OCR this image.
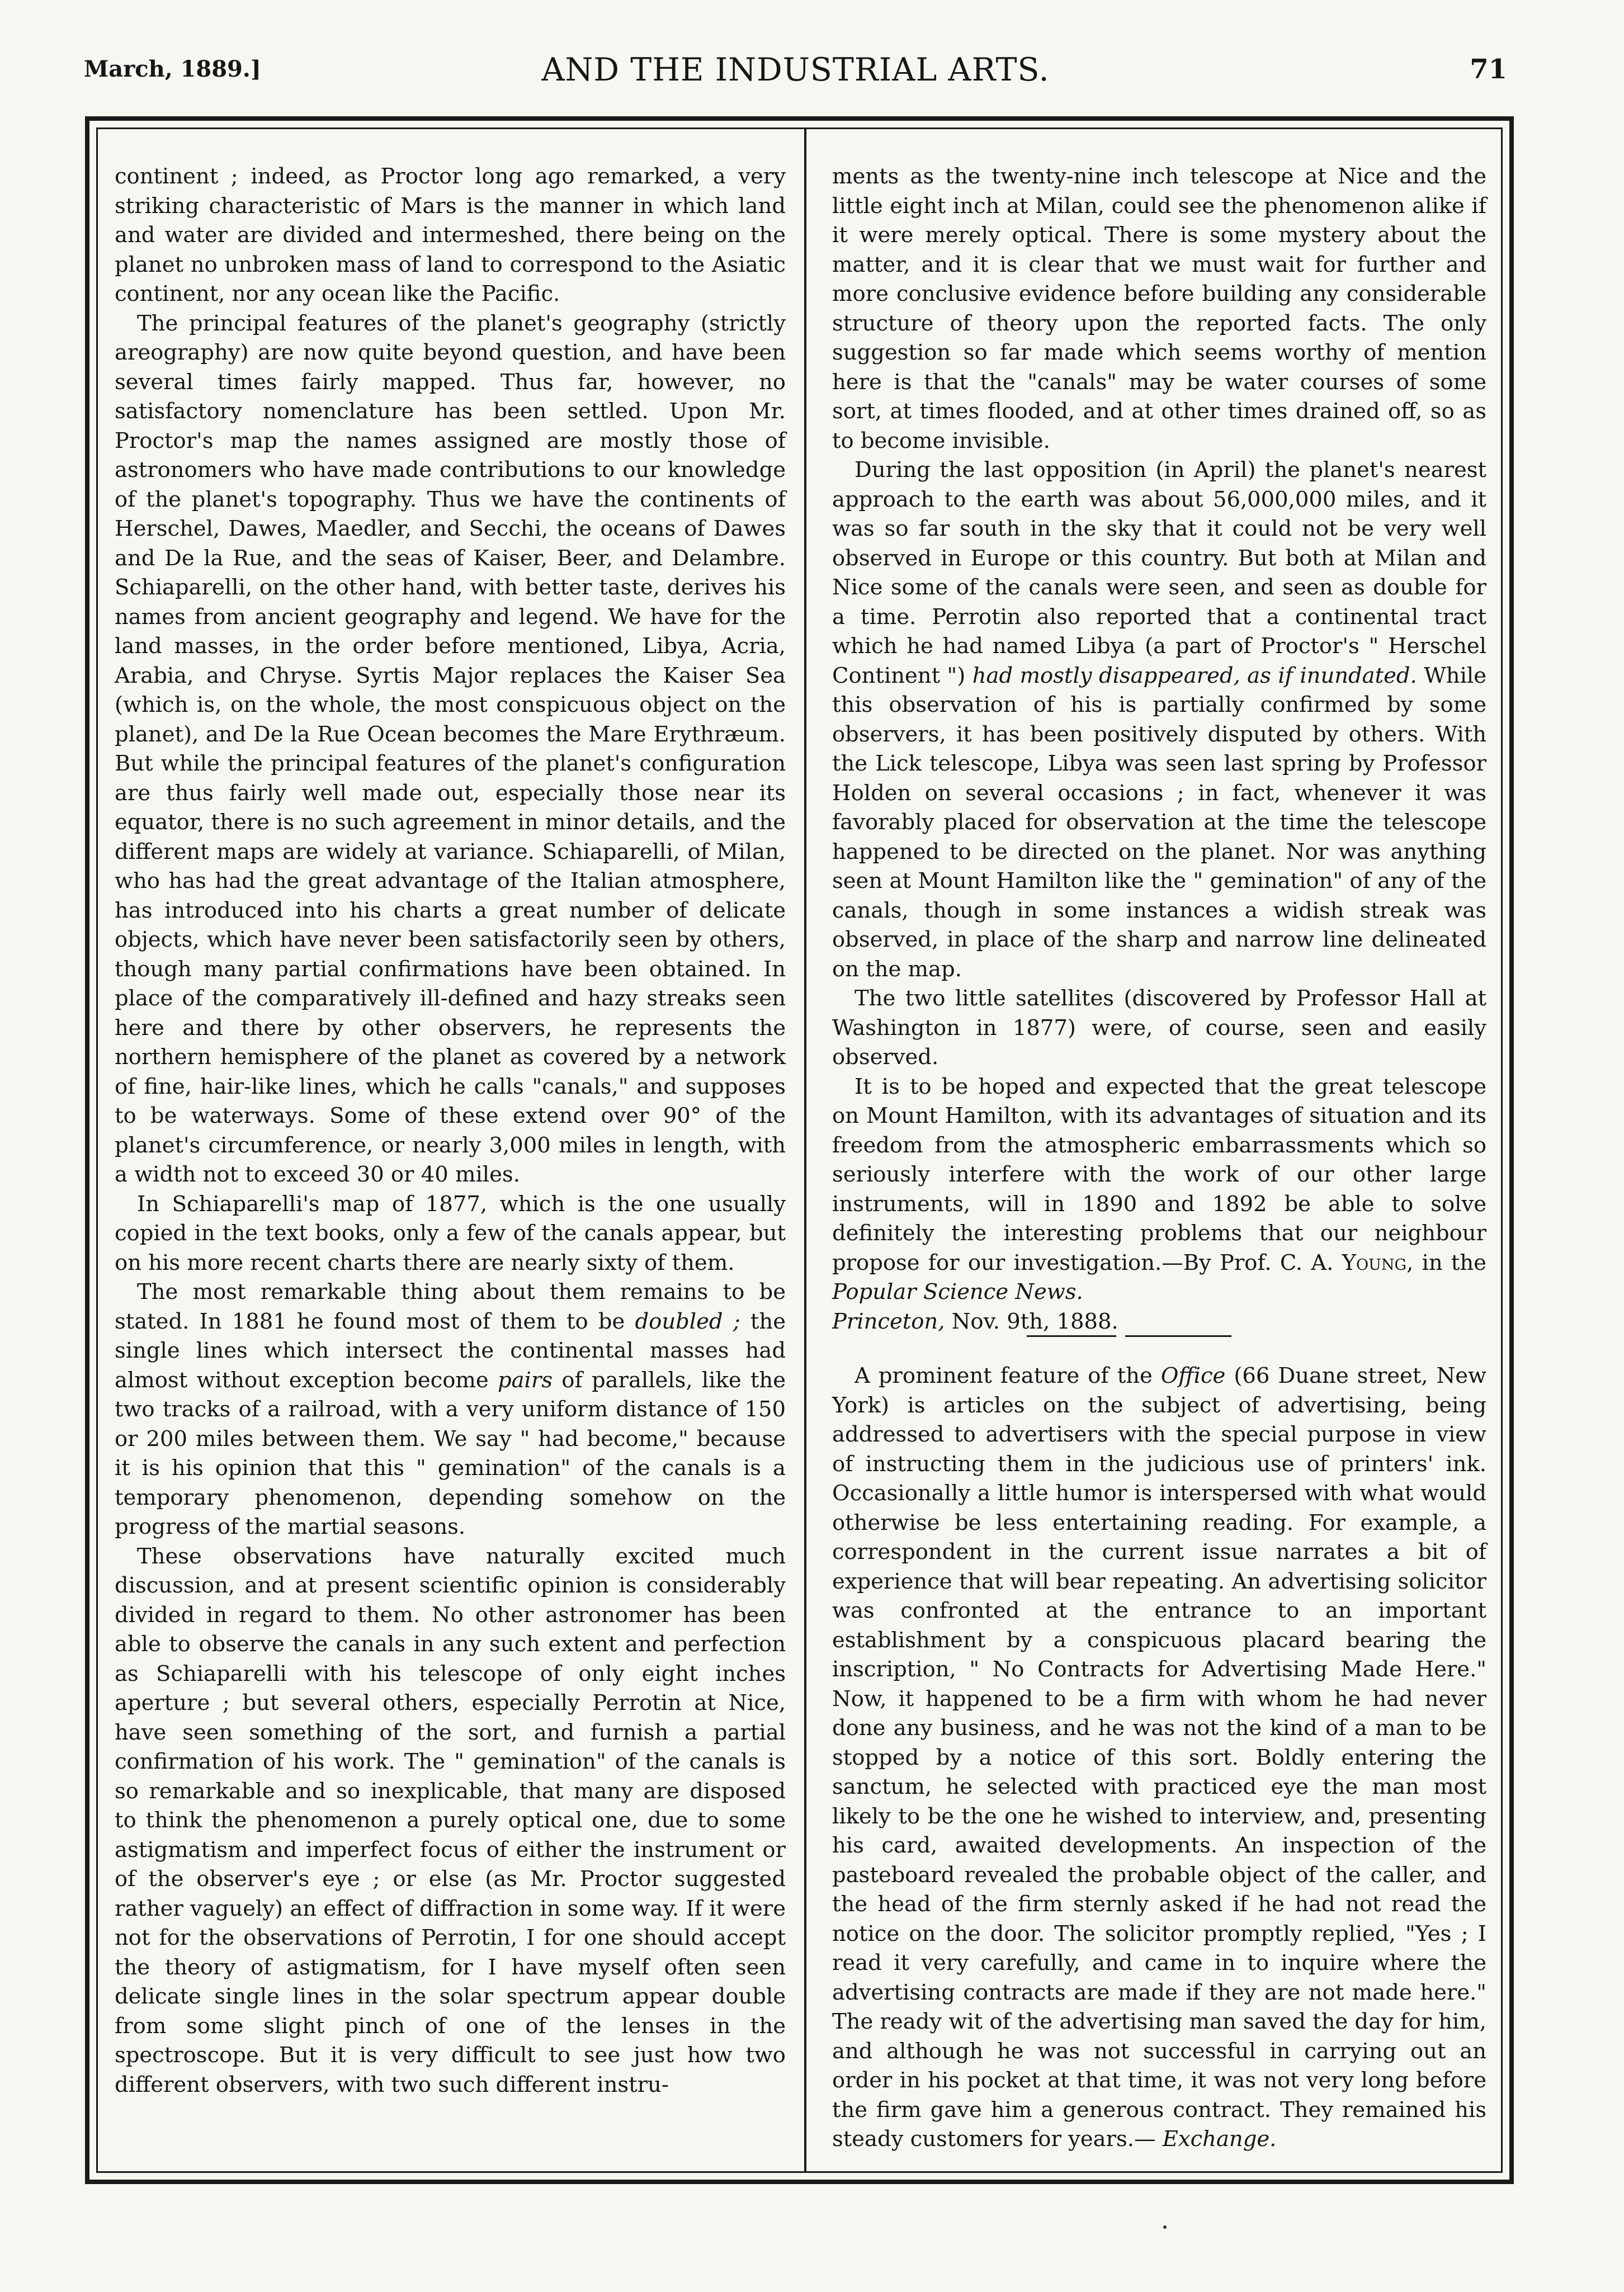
March, 1889.]	AND THE INDUSTRIAL ARTS.	71

continent ; indeed, as Proctor long ago remarked, a very striking characteristic of Mars is the manner in which land and water are divided and intermeshed, there being on the planet no unbroken mass of land to correspond to the Asiatic continent, nor any ocean like the Pacific.

The principal features of the planet's geography (strictly areography) are now quite beyond question, and have been several times fairly mapped. Thus far, however, no satisfactory nomenclature has been settled. Upon Mr. Proctor's map the names assigned are mostly those of astronomers who have made contributions to our knowledge of the planet's topography. Thus we have the continents of Herschel, Dawes, Maedler, and Secchi, the oceans of Dawes and De la Rue, and the seas of Kaiser, Beer, and Delambre. Schiaparelli, on the other hand, with better taste, derives his names from ancient geography and legend. We have for the land masses, in the order before mentioned, Libya, Acria, Arabia, and Chryse. Syrtis Major replaces the Kaiser Sea (which is, on the whole, the most conspicuous object on the planet), and De la Rue Ocean becomes the Mare Erythræum. But while the principal features of the planet's configuration are thus fairly well made out, especially those near its equator, there is no such agreement in minor details, and the different maps are widely at variance. Schiaparelli, of Milan, who has had the great advantage of the Italian atmosphere, has introduced into his charts a great number of delicate objects, which have never been satisfactorily seen by others, though many partial confirmations have been obtained. In place of the comparatively ill-defined and hazy streaks seen here and there by other observers, he represents the northern hemisphere of the planet as covered by a network of fine, hair-like lines, which he calls "canals," and supposes to be waterways. Some of these extend over 90° of the planet's circumference, or nearly 3,000 miles in length, with a width not to exceed 30 or 40 miles.

In Schiaparelli's map of 1877, which is the one usually copied in the text books, only a few of the canals appear, but on his more recent charts there are nearly sixty of them.

The most remarkable thing about them remains to be stated. In 1881 he found most of them to be doubled ; the single lines which intersect the continental masses had almost without exception become pairs of parallels, like the two tracks of a railroad, with a very uniform distance of 150 or 200 miles between them. We say " had become," because it is his opinion that this " gemination" of the canals is a temporary phenomenon, depending somehow on the progress of the martial seasons.

These observations have naturally excited much discussion, and at present scientific opinion is considerably divided in regard to them. No other astronomer has been able to observe the canals in any such extent and perfection as Schiaparelli with his telescope of only eight inches aperture ; but several others, especially Perrotin at Nice, have seen something of the sort, and furnish a partial confirmation of his work. The " gemination" of the canals is so remarkable and so inexplicable, that many are disposed to think the phenomenon a purely optical one, due to some astigmatism and imperfect focus of either the instrument or of the observer's eye ; or else (as Mr. Proctor suggested rather vaguely) an effect of diffraction in some way. If it were not for the observations of Perrotin, I for one should accept the theory of astigmatism, for I have myself often seen delicate single lines in the solar spectrum appear double from some slight pinch of one of the lenses in the spectroscope. But it is very difficult to see just how two different observers, with two such different instru-

ments as the twenty-nine inch telescope at Nice and the little eight inch at Milan, could see the phenomenon alike if it were merely optical. There is some mystery about the matter, and it is clear that we must wait for further and more conclusive evidence before building any considerable structure of theory upon the reported facts. The only suggestion so far made which seems worthy of mention here is that the "canals" may be water courses of some sort, at times flooded, and at other times drained off, so as to become invisible.

During the last opposition (in April) the planet's nearest approach to the earth was about 56,000,000 miles, and it was so far south in the sky that it could not be very well observed in Europe or this country. But both at Milan and Nice some of the canals were seen, and seen as double for a time. Perrotin also reported that a continental tract which he had named Libya (a part of Proctor's " Herschel Continent ") had mostly disappeared, as if inundated. While this observation of his is partially confirmed by some observers, it has been positively disputed by others. With the Lick telescope, Libya was seen last spring by Professor Holden on several occasions ; in fact, whenever it was favorably placed for observation at the time the telescope happened to be directed on the planet. Nor was anything seen at Mount Hamilton like the " gemination" of any of the canals, though in some instances a widish streak was observed, in place of the sharp and narrow line delineated on the map.

The two little satellites (discovered by Professor Hall at Washington in 1877) were, of course, seen and easily observed.

It is to be hoped and expected that the great telescope on Mount Hamilton, with its advantages of situation and its freedom from the atmospheric embarrassments which so seriously interfere with the work of our other large instruments, will in 1890 and 1892 be able to solve definitely the interesting problems that our neighbour propose for our investigation.—By Prof. C. A. Young, in the Popular Science News.

Princeton, Nov. 9th, 1888.

A prominent feature of the Office (66 Duane street, New York) is articles on the subject of advertising, being addressed to advertisers with the special purpose in view of instructing them in the judicious use of printers' ink. Occasionally a little humor is interspersed with what would otherwise be less entertaining reading. For example, a correspondent in the current issue narrates a bit of experience that will bear repeating. An advertising solicitor was confronted at the entrance to an important establishment by a conspicuous placard bearing the inscription, " No Contracts for Advertising Made Here." Now, it happened to be a firm with whom he had never done any business, and he was not the kind of a man to be stopped by a notice of this sort. Boldly entering the sanctum, he selected with practiced eye the man most likely to be the one he wished to interview, and, presenting his card, awaited developments. An inspection of the pasteboard revealed the probable object of the caller, and the head of the firm sternly asked if he had not read the notice on the door. The solicitor promptly replied, "Yes ; I read it very carefully, and came in to inquire where the advertising contracts are made if they are not made here." The ready wit of the advertising man saved the day for him, and although he was not successful in carrying out an order in his pocket at that time, it was not very long before the firm gave him a generous contract. They remained his steady customers for years.— Exchange.
